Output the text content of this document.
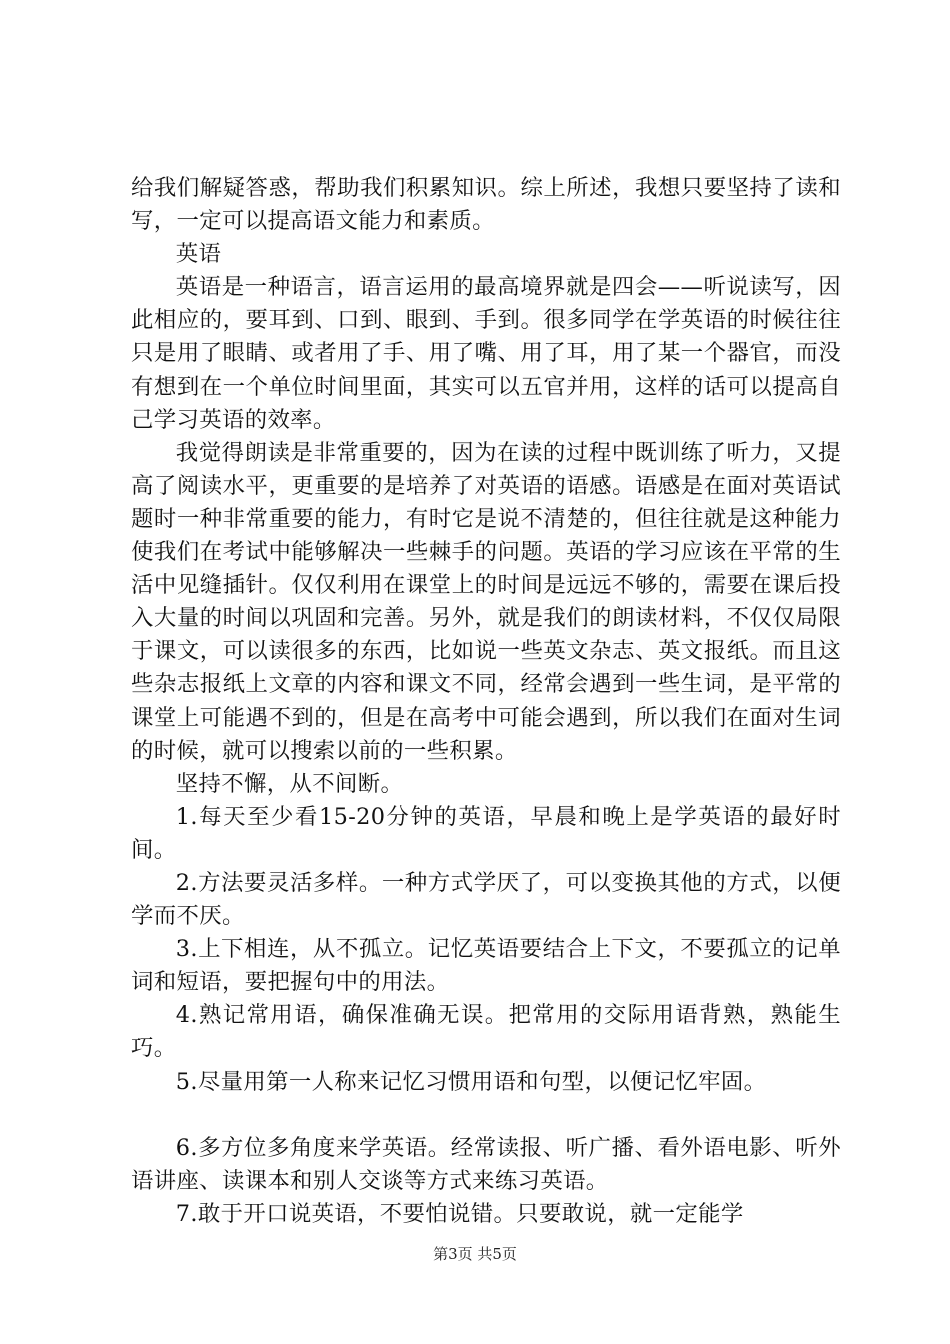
给我们解疑答惑，帮助我们积累知识。综上所述，我想只要坚持了读和写，一定可以提高语文能力和素质。

英语

英语是一种语言，语言运用的最高境界就是四会——听说读写，因此相应的，要耳到、口到、眼到、手到。很多同学在学英语的时候往往只是用了眼睛、或者用了手、用了嘴、用了耳，用了某一个器官，而没有想到在一个单位时间里面，其实可以五官并用，这样的话可以提高自己学习英语的效率。

我觉得朗读是非常重要的，因为在读的过程中既训练了听力，又提高了阅读水平，更重要的是培养了对英语的语感。语感是在面对英语试题时一种非常重要的能力，有时它是说不清楚的，但往往就是这种能力使我们在考试中能够解决一些棘手的问题。英语的学习应该在平常的生活中见缝插针。仅仅利用在课堂上的时间是远远不够的，需要在课后投入大量的时间以巩固和完善。另外，就是我们的朗读材料，不仅仅局限于课文，可以读很多的东西，比如说一些英文杂志、英文报纸。而且这些杂志报纸上文章的内容和课文不同，经常会遇到一些生词，是平常的课堂上可能遇不到的，但是在高考中可能会遇到，所以我们在面对生词的时候，就可以搜索以前的一些积累。

坚持不懈，从不间断。

1.每天至少看15-20分钟的英语，早晨和晚上是学英语的最好时间。

2.方法要灵活多样。一种方式学厌了，可以变换其他的方式，以便学而不厌。

3.上下相连，从不孤立。记忆英语要结合上下文，不要孤立的记单词和短语，要把握句中的用法。

4.熟记常用语，确保准确无误。把常用的交际用语背熟，熟能生巧。

5.尽量用第一人称来记忆习惯用语和句型，以便记忆牢固。

6.多方位多角度来学英语。经常读报、听广播、看外语电影、听外语讲座、读课本和别人交谈等方式来练习英语。

7.敢于开口说英语，不要怕说错。只要敢说，就一定能学

第3页 共5页
